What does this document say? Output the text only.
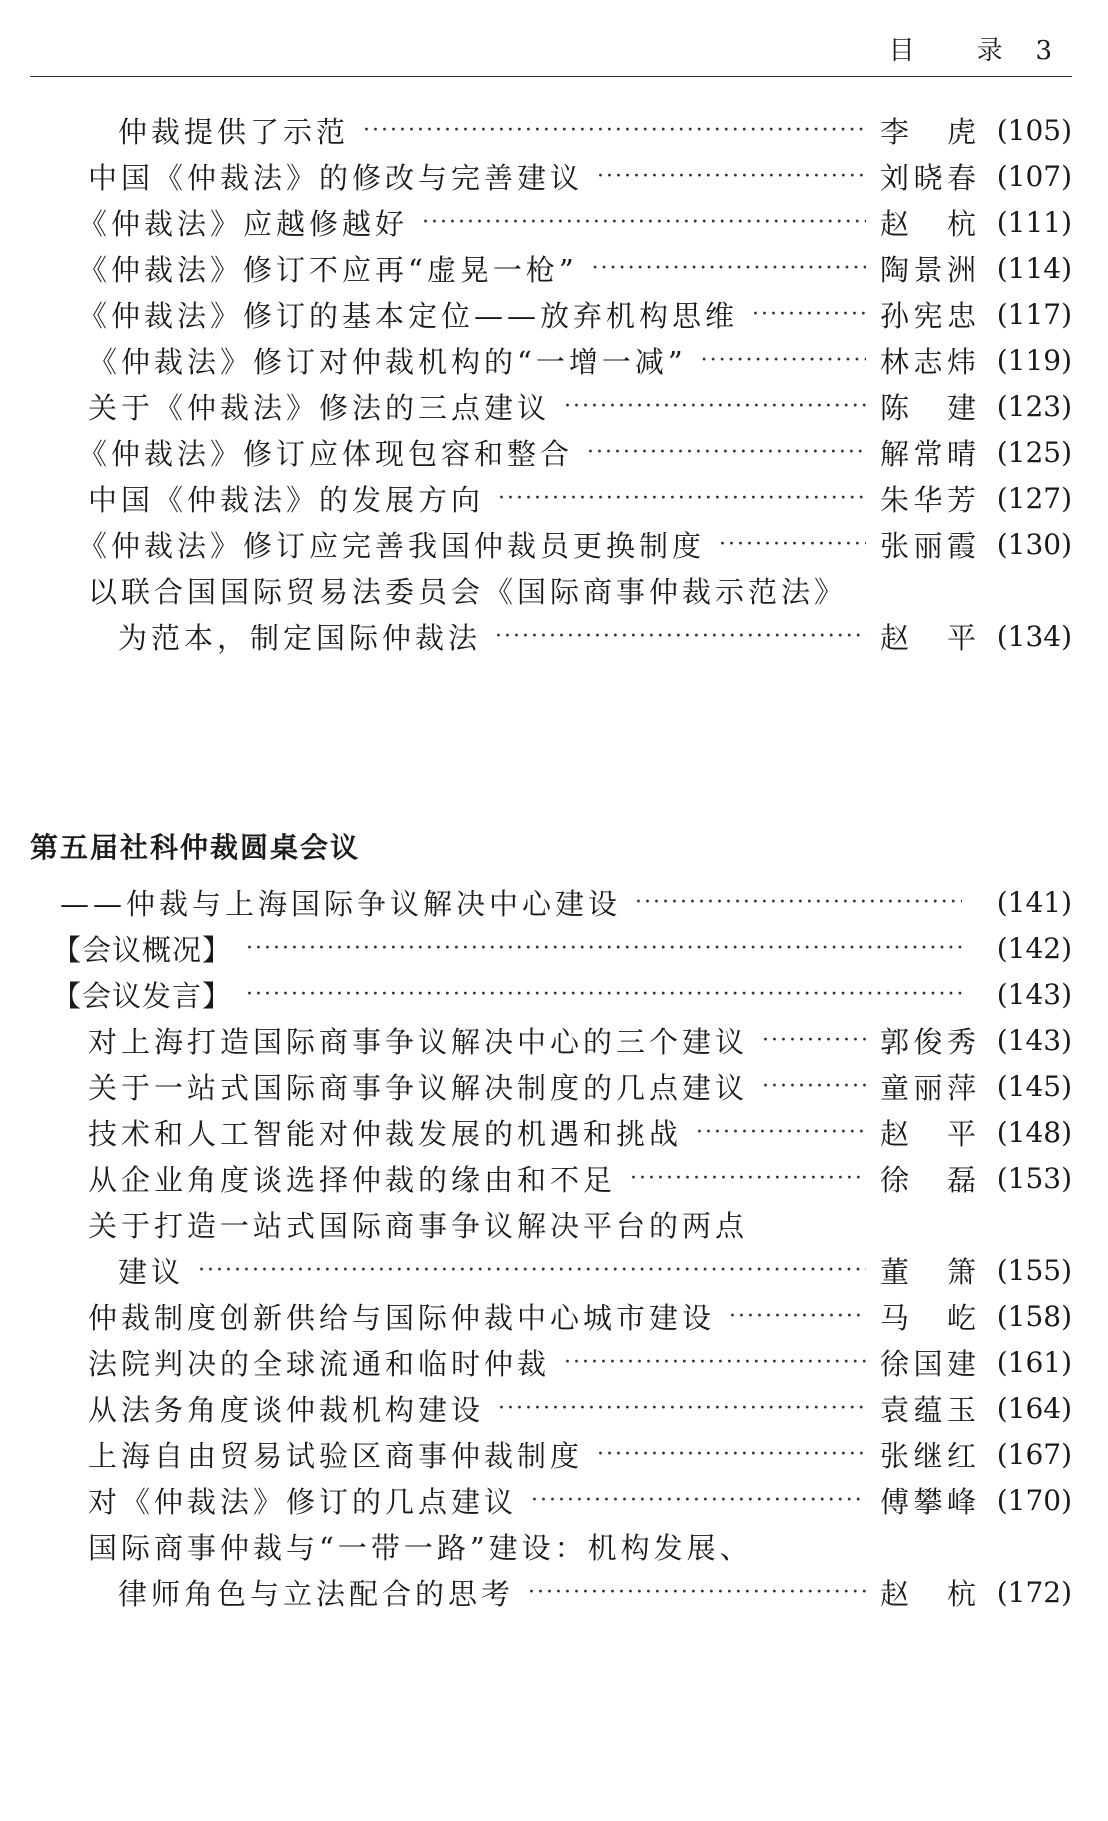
目 录 3
仲裁提供了示范 ·····	李　虎 (105)
中国《仲裁法》的修改与完善建议 ·····	刘晓春 (107)
《仲裁法》应越修越好 ·····	赵　杭 (111)
《仲裁法》修订不应再“虚晃一枪” ·····	陶景洲 (114)
《仲裁法》修订的基本定位——放弃机构思维 ·····	孙宪忠 (117)
《仲裁法》修订对仲裁机构的“一增一减” ·····	林志炜 (119)
关于《仲裁法》修法的三点建议 ·····	陈　建 (123)
《仲裁法》修订应体现包容和整合 ·····	解常晴 (125)
中国《仲裁法》的发展方向 ·····	朱华芳 (127)
《仲裁法》修订应完善我国仲裁员更换制度 ·····	张丽霞 (130)
以联合国国际贸易法委员会《国际商事仲裁示范法》
为范本，制定国际仲裁法 ·····	赵　平 (134)
第五届社科仲裁圆桌会议
——仲裁与上海国际争议解决中心建设 ·····	(141)
【会议概况】 ·····	(142)
【会议发言】 ·····	(143)
对上海打造国际商事争议解决中心的三个建议 ·····	郭俊秀 (143)
关于一站式国际商事争议解决制度的几点建议 ·····	童丽萍 (145)
技术和人工智能对仲裁发展的机遇和挑战 ·····	赵　平 (148)
从企业角度谈选择仲裁的缘由和不足 ·····	徐　磊 (153)
关于打造一站式国际商事争议解决平台的两点
建议 ·····	董　箫 (155)
仲裁制度创新供给与国际仲裁中心城市建设 ·····	马　屹 (158)
法院判决的全球流通和临时仲裁 ·····	徐国建 (161)
从法务角度谈仲裁机构建设 ·····	袁蕴玉 (164)
上海自由贸易试验区商事仲裁制度 ·····	张继红 (167)
对《仲裁法》修订的几点建议 ·····	傅攀峰 (170)
国际商事仲裁与“一带一路”建设：机构发展、
律师角色与立法配合的思考 ·····	赵　杭 (172)
